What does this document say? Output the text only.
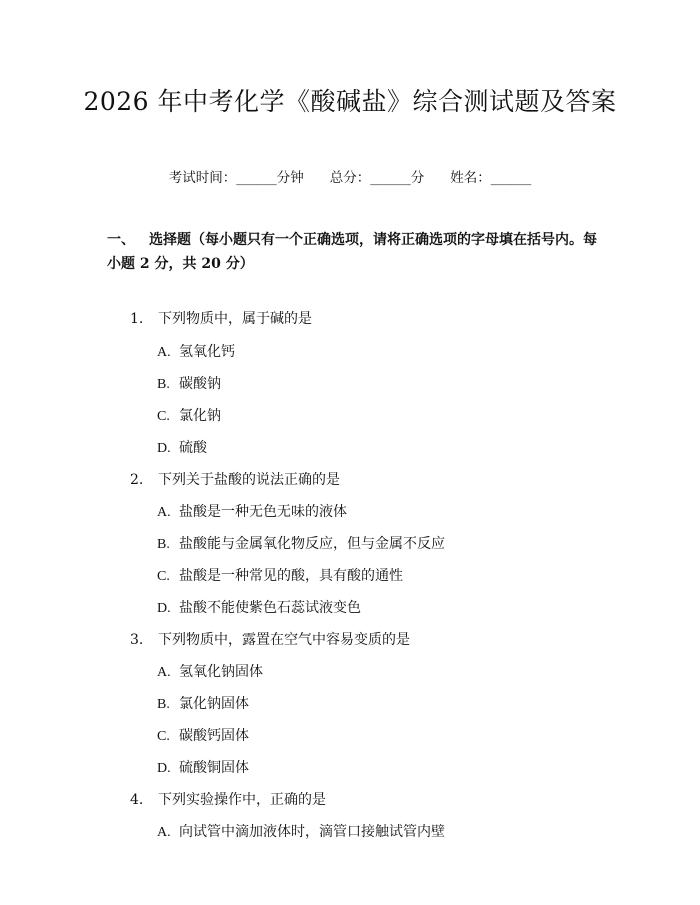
2026 年中考化学《酸碱盐》综合测试题及答案
考试时间：______分钟 总分：______分 姓名：______
一、 选择题（每小题只有一个正确选项，请将正确选项的字母填在括号内。每小题 2 分，共 20 分）
1. 下列物质中，属于碱的是
A. 氢氧化钙
B. 碳酸钠
C. 氯化钠
D. 硫酸
2. 下列关于盐酸的说法正确的是
A. 盐酸是一种无色无味的液体
B. 盐酸能与金属氧化物反应，但与金属不反应
C. 盐酸是一种常见的酸，具有酸的通性
D. 盐酸不能使紫色石蕊试液变色
3. 下列物质中，露置在空气中容易变质的是
A. 氢氧化钠固体
B. 氯化钠固体
C. 碳酸钙固体
D. 硫酸铜固体
4. 下列实验操作中，正确的是
A. 向试管中滴加液体时，滴管口接触试管内壁
